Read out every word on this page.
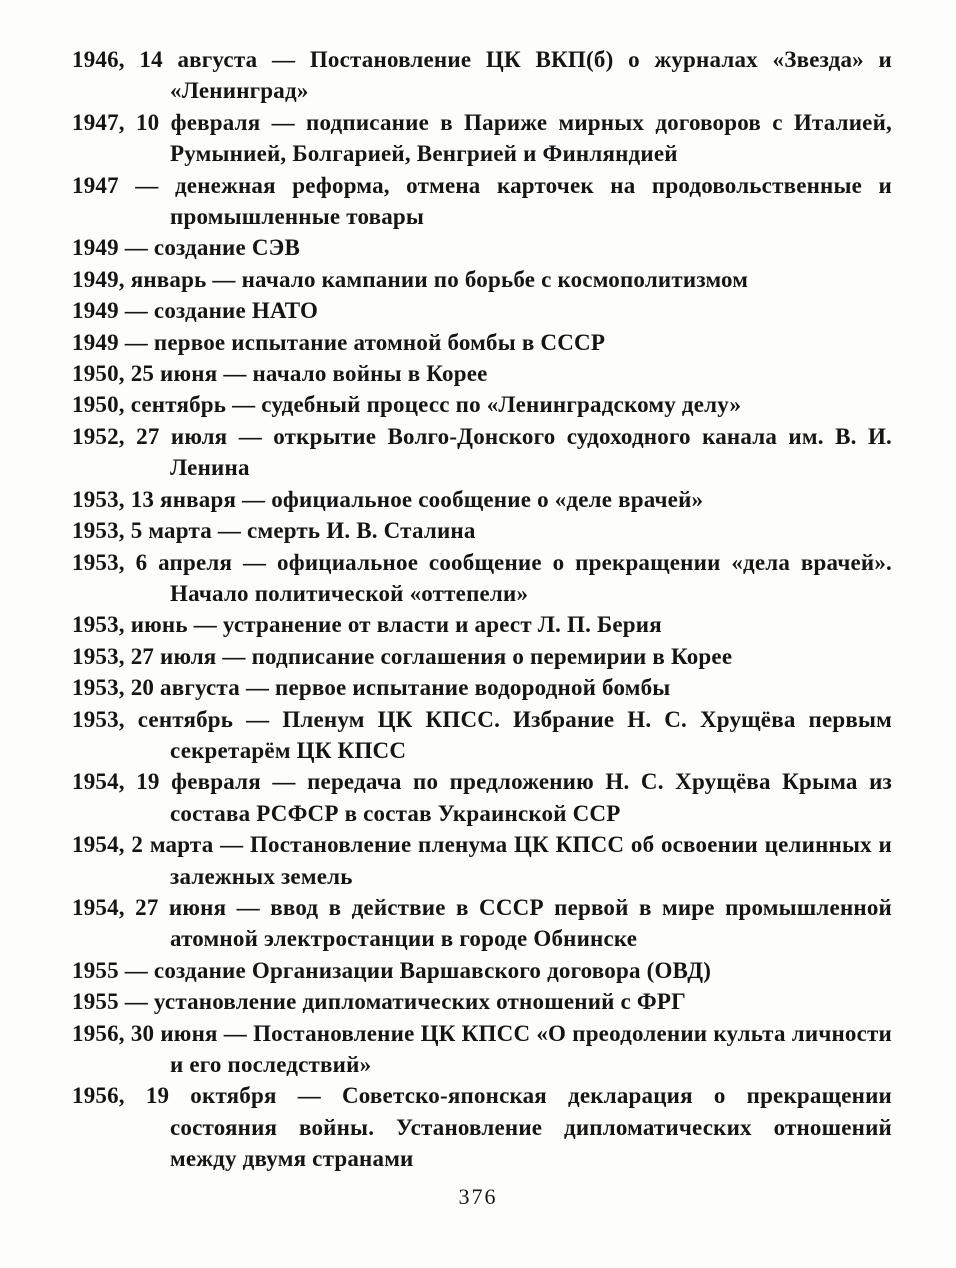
1946, 14 августа — Постановление ЦК ВКП(б) о журналах «Звезда» и «Ленинград»

1947, 10 февраля — подписание в Париже мирных договоров с Италией, Румынией, Болгарией, Венгрией и Финляндией

1947 — денежная реформа, отмена карточек на продовольственные и промышленные товары

1949 — создание СЭВ

1949, январь — начало кампании по борьбе с космополитизмом

1949 — создание НАТО

1949 — первое испытание атомной бомбы в СССР

1950, 25 июня — начало войны в Корее

1950, сентябрь — судебный процесс по «Ленинградскому делу»

1952, 27 июля — открытие Волго-Донского судоходного канала им. В. И. Ленина

1953, 13 января — официальное сообщение о «деле врачей»

1953, 5 марта — смерть И. В. Сталина

1953, 6 апреля — официальное сообщение о прекращении «дела врачей». Начало политической «оттепели»

1953, июнь — устранение от власти и арест Л. П. Берия

1953, 27 июля — подписание соглашения о перемирии в Корее

1953, 20 августа — первое испытание водородной бомбы

1953, сентябрь — Пленум ЦК КПСС. Избрание Н. С. Хрущёва первым секретарём ЦК КПСС

1954, 19 февраля — передача по предложению Н. С. Хрущёва Крыма из состава РСФСР в состав Украинской ССР

1954, 2 марта — Постановление пленума ЦК КПСС об освоении целинных и залежных земель

1954, 27 июня — ввод в действие в СССР первой в мире промышленной атомной электростанции в городе Обнинске

1955 — создание Организации Варшавского договора (ОВД)

1955 — установление дипломатических отношений с ФРГ

1956, 30 июня — Постановление ЦК КПСС «О преодолении культа личности и его последствий»

1956, 19 октября — Советско-японская декларация о прекращении состояния войны. Установление дипломатических отношений между двумя странами

376
